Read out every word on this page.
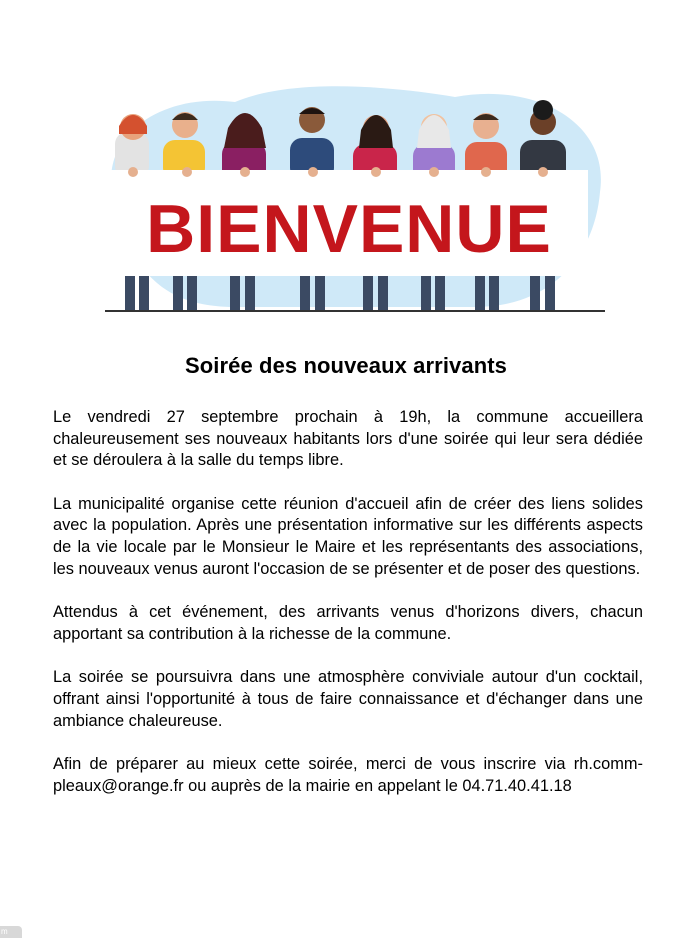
BIENVENUE
Soirée des nouveaux arrivants

Le vendredi 27 septembre prochain à 19h, la commune accueillera chaleureusement ses nouveaux habitants lors d'une soirée qui leur sera dédiée et se déroulera à la salle du temps libre.

La municipalité organise cette réunion d'accueil afin de créer des liens solides avec la population. Après une présentation informative sur les différents aspects de la vie locale par le Monsieur le Maire et les représentants des associations, les nouveaux venus auront l'occasion de se présenter et de poser des questions.

Attendus à cet événement, des arrivants venus d'horizons divers, chacun apportant sa contribution à la richesse de la commune.

La soirée se poursuivra dans une atmosphère conviviale autour d'un cocktail, offrant ainsi l'opportunité à tous de faire connaissance et d'échanger dans une ambiance chaleureuse.

Afin de préparer au mieux cette soirée, merci de vous inscrire via rh.comm-pleaux@orange.fr ou auprès de la mairie en appelant le 04.71.40.41.18

m
